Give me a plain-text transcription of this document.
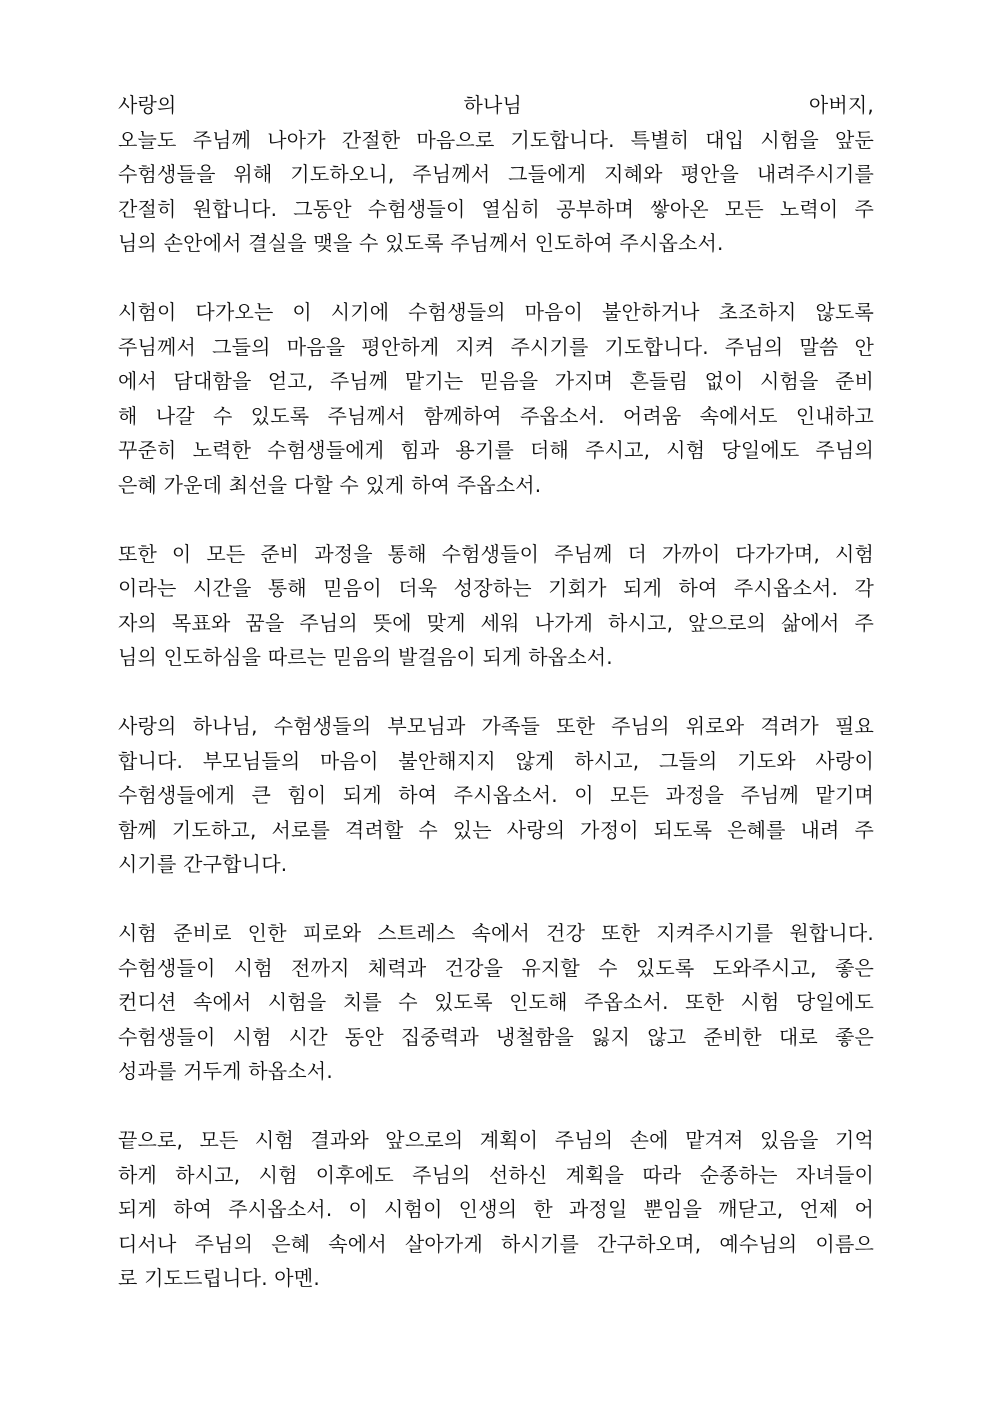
사랑의 하나님 아버지,
오늘도 주님께 나아가 간절한 마음으로 기도합니다. 특별히 대입 시험을 앞둔
수험생들을 위해 기도하오니, 주님께서 그들에게 지혜와 평안을 내려주시기를
간절히 원합니다. 그동안 수험생들이 열심히 공부하며 쌓아온 모든 노력이 주
님의 손안에서 결실을 맺을 수 있도록 주님께서 인도하여 주시옵소서.
시험이 다가오는 이 시기에 수험생들의 마음이 불안하거나 초조하지 않도록
주님께서 그들의 마음을 평안하게 지켜 주시기를 기도합니다. 주님의 말씀 안
에서 담대함을 얻고, 주님께 맡기는 믿음을 가지며 흔들림 없이 시험을 준비
해 나갈 수 있도록 주님께서 함께하여 주옵소서. 어려움 속에서도 인내하고
꾸준히 노력한 수험생들에게 힘과 용기를 더해 주시고, 시험 당일에도 주님의
은혜 가운데 최선을 다할 수 있게 하여 주옵소서.
또한 이 모든 준비 과정을 통해 수험생들이 주님께 더 가까이 다가가며, 시험
이라는 시간을 통해 믿음이 더욱 성장하는 기회가 되게 하여 주시옵소서. 각
자의 목표와 꿈을 주님의 뜻에 맞게 세워 나가게 하시고, 앞으로의 삶에서 주
님의 인도하심을 따르는 믿음의 발걸음이 되게 하옵소서.
사랑의 하나님, 수험생들의 부모님과 가족들 또한 주님의 위로와 격려가 필요
합니다. 부모님들의 마음이 불안해지지 않게 하시고, 그들의 기도와 사랑이
수험생들에게 큰 힘이 되게 하여 주시옵소서. 이 모든 과정을 주님께 맡기며
함께 기도하고, 서로를 격려할 수 있는 사랑의 가정이 되도록 은혜를 내려 주
시기를 간구합니다.
시험 준비로 인한 피로와 스트레스 속에서 건강 또한 지켜주시기를 원합니다.
수험생들이 시험 전까지 체력과 건강을 유지할 수 있도록 도와주시고, 좋은
컨디션 속에서 시험을 치를 수 있도록 인도해 주옵소서. 또한 시험 당일에도
수험생들이 시험 시간 동안 집중력과 냉철함을 잃지 않고 준비한 대로 좋은
성과를 거두게 하옵소서.
끝으로, 모든 시험 결과와 앞으로의 계획이 주님의 손에 맡겨져 있음을 기억
하게 하시고, 시험 이후에도 주님의 선하신 계획을 따라 순종하는 자녀들이
되게 하여 주시옵소서. 이 시험이 인생의 한 과정일 뿐임을 깨닫고, 언제 어
디서나 주님의 은혜 속에서 살아가게 하시기를 간구하오며, 예수님의 이름으
로 기도드립니다. 아멘.
